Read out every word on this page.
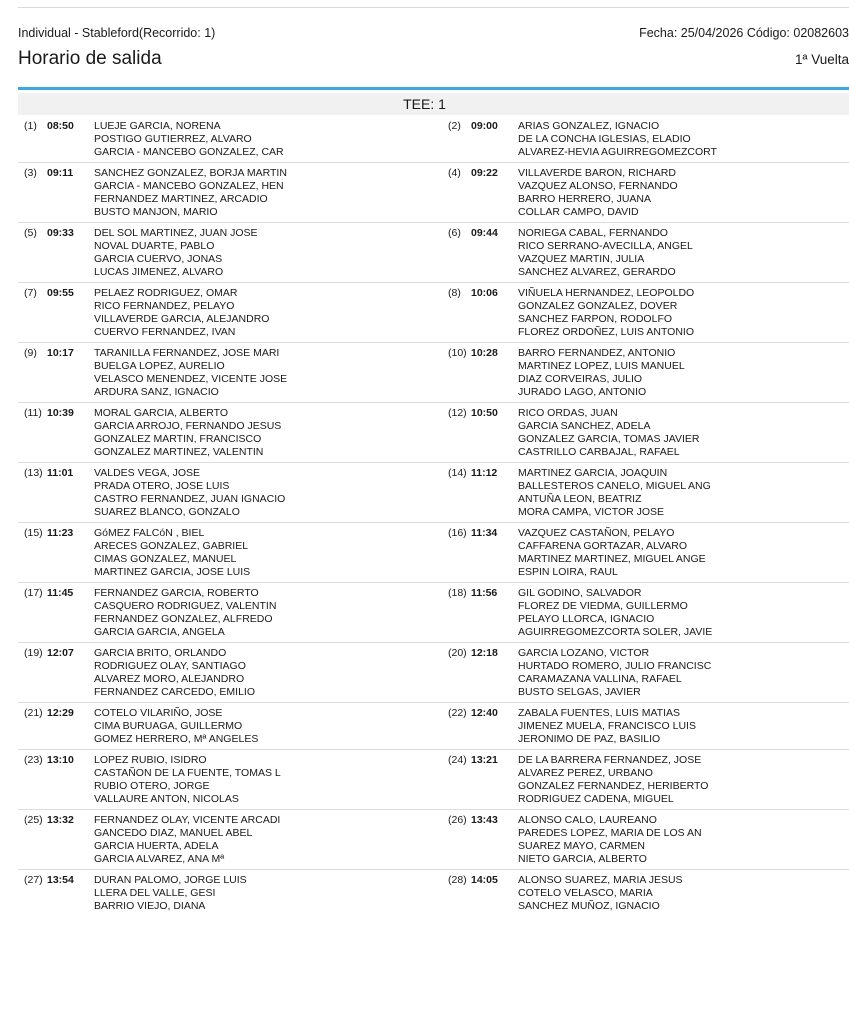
Individual - Stableford(Recorrido: 1)	Fecha: 25/04/2026 Código: 02082603
Horario de salida	1ª Vuelta
TEE: 1
(1) 08:50	LUEJE GARCIA, NORENA
POSTIGO GUTIERREZ, ALVARO
GARCIA - MANCEBO GONZALEZ, CAR
(2) 09:00	ARIAS GONZALEZ, IGNACIO
DE LA CONCHA IGLESIAS, ELADIO
ALVAREZ-HEVIA AGUIRREGOMEZCORT
(3) 09:11	SANCHEZ GONZALEZ, BORJA MARTIN
GARCIA - MANCEBO GONZALEZ, HEN
FERNANDEZ MARTINEZ, ARCADIO
BUSTO MANJON, MARIO
(4) 09:22	VILLAVERDE BARON, RICHARD
VAZQUEZ ALONSO, FERNANDO
BARRO HERRERO, JUANA
COLLAR CAMPO, DAVID
(5) 09:33	DEL SOL MARTINEZ, JUAN JOSE
NOVAL DUARTE, PABLO
GARCIA CUERVO, JONAS
LUCAS JIMENEZ, ALVARO
(6) 09:44	NORIEGA CABAL, FERNANDO
RICO SERRANO-AVECILLA, ANGEL
VAZQUEZ MARTIN, JULIA
SANCHEZ ALVAREZ, GERARDO
(7) 09:55	PELAEZ RODRIGUEZ, OMAR
RICO FERNANDEZ, PELAYO
VILLAVERDE GARCIA, ALEJANDRO
CUERVO FERNANDEZ, IVAN
(8) 10:06	VIÑUELA HERNANDEZ, LEOPOLDO
GONZALEZ GONZALEZ, DOVER
SANCHEZ FARPON, RODOLFO
FLOREZ ORDOÑEZ, LUIS ANTONIO
(9) 10:17	TARANILLA FERNANDEZ, JOSE MARI
BUELGA LOPEZ, AURELIO
VELASCO MENENDEZ, VICENTE JOSE
ARDURA SANZ, IGNACIO
(10) 10:28	BARRO FERNANDEZ, ANTONIO
MARTINEZ LOPEZ, LUIS MANUEL
DIAZ CORVEIRAS, JULIO
JURADO LAGO, ANTONIO
(11) 10:39	MORAL GARCIA, ALBERTO
GARCIA ARROJO, FERNANDO JESUS
GONZALEZ MARTIN, FRANCISCO
GONZALEZ MARTINEZ, VALENTIN
(12) 10:50	RICO ORDAS, JUAN
GARCIA SANCHEZ, ADELA
GONZALEZ GARCIA, TOMAS JAVIER
CASTRILLO CARBAJAL, RAFAEL
(13) 11:01	VALDES VEGA, JOSE
PRADA OTERO, JOSE LUIS
CASTRO FERNANDEZ, JUAN IGNACIO
SUAREZ BLANCO, GONZALO
(14) 11:12	MARTINEZ GARCIA, JOAQUIN
BALLESTEROS CANELO, MIGUEL ANG
ANTUÑA LEON, BEATRIZ
MORA CAMPA, VICTOR JOSE
(15) 11:23	GóMEZ FALCóN , BIEL
ARECES GONZALEZ, GABRIEL
CIMAS GONZALEZ, MANUEL
MARTINEZ GARCIA, JOSE LUIS
(16) 11:34	VAZQUEZ CASTAÑON, PELAYO
CAFFARENA GORTAZAR, ALVARO
MARTINEZ MARTINEZ, MIGUEL ANGE
ESPIN LOIRA, RAUL
(17) 11:45	FERNANDEZ GARCIA, ROBERTO
CASQUERO RODRIGUEZ, VALENTIN
FERNANDEZ GONZALEZ, ALFREDO
GARCIA GARCIA, ANGELA
(18) 11:56	GIL GODINO, SALVADOR
FLOREZ DE VIEDMA, GUILLERMO
PELAYO LLORCA, IGNACIO
AGUIRREGOMEZCORTA SOLER, JAVIE
(19) 12:07	GARCIA BRITO, ORLANDO
RODRIGUEZ OLAY, SANTIAGO
ALVAREZ MORO, ALEJANDRO
FERNANDEZ CARCEDO, EMILIO
(20) 12:18	GARCIA LOZANO, VICTOR
HURTADO ROMERO, JULIO FRANCISC
CARAMAZANA VALLINA, RAFAEL
BUSTO SELGAS, JAVIER
(21) 12:29	COTELO VILARIÑO, JOSE
CIMA BURUAGA, GUILLERMO
GOMEZ HERRERO, Mª ANGELES
(22) 12:40	ZABALA FUENTES, LUIS MATIAS
JIMENEZ MUELA, FRANCISCO LUIS
JERONIMO DE PAZ, BASILIO
(23) 13:10	LOPEZ RUBIO, ISIDRO
CASTAÑON DE LA FUENTE, TOMAS L
RUBIO OTERO, JORGE
VALLAURE ANTON, NICOLAS
(24) 13:21	DE LA BARRERA FERNANDEZ, JOSE
ALVAREZ PEREZ, URBANO
GONZALEZ FERNANDEZ, HERIBERTO
RODRIGUEZ CADENA, MIGUEL
(25) 13:32	FERNANDEZ OLAY, VICENTE ARCADI
GANCEDO DIAZ, MANUEL ABEL
GARCIA HUERTA, ADELA
GARCIA ALVAREZ, ANA Mª
(26) 13:43	ALONSO CALO, LAUREANO
PAREDES LOPEZ, MARIA DE LOS AN
SUAREZ MAYO, CARMEN
NIETO GARCIA, ALBERTO
(27) 13:54	DURAN PALOMO, JORGE LUIS
LLERA DEL VALLE, GESI
BARRIO VIEJO, DIANA
(28) 14:05	ALONSO SUAREZ, MARIA JESUS
COTELO VELASCO, MARIA
SANCHEZ MUÑOZ, IGNACIO
